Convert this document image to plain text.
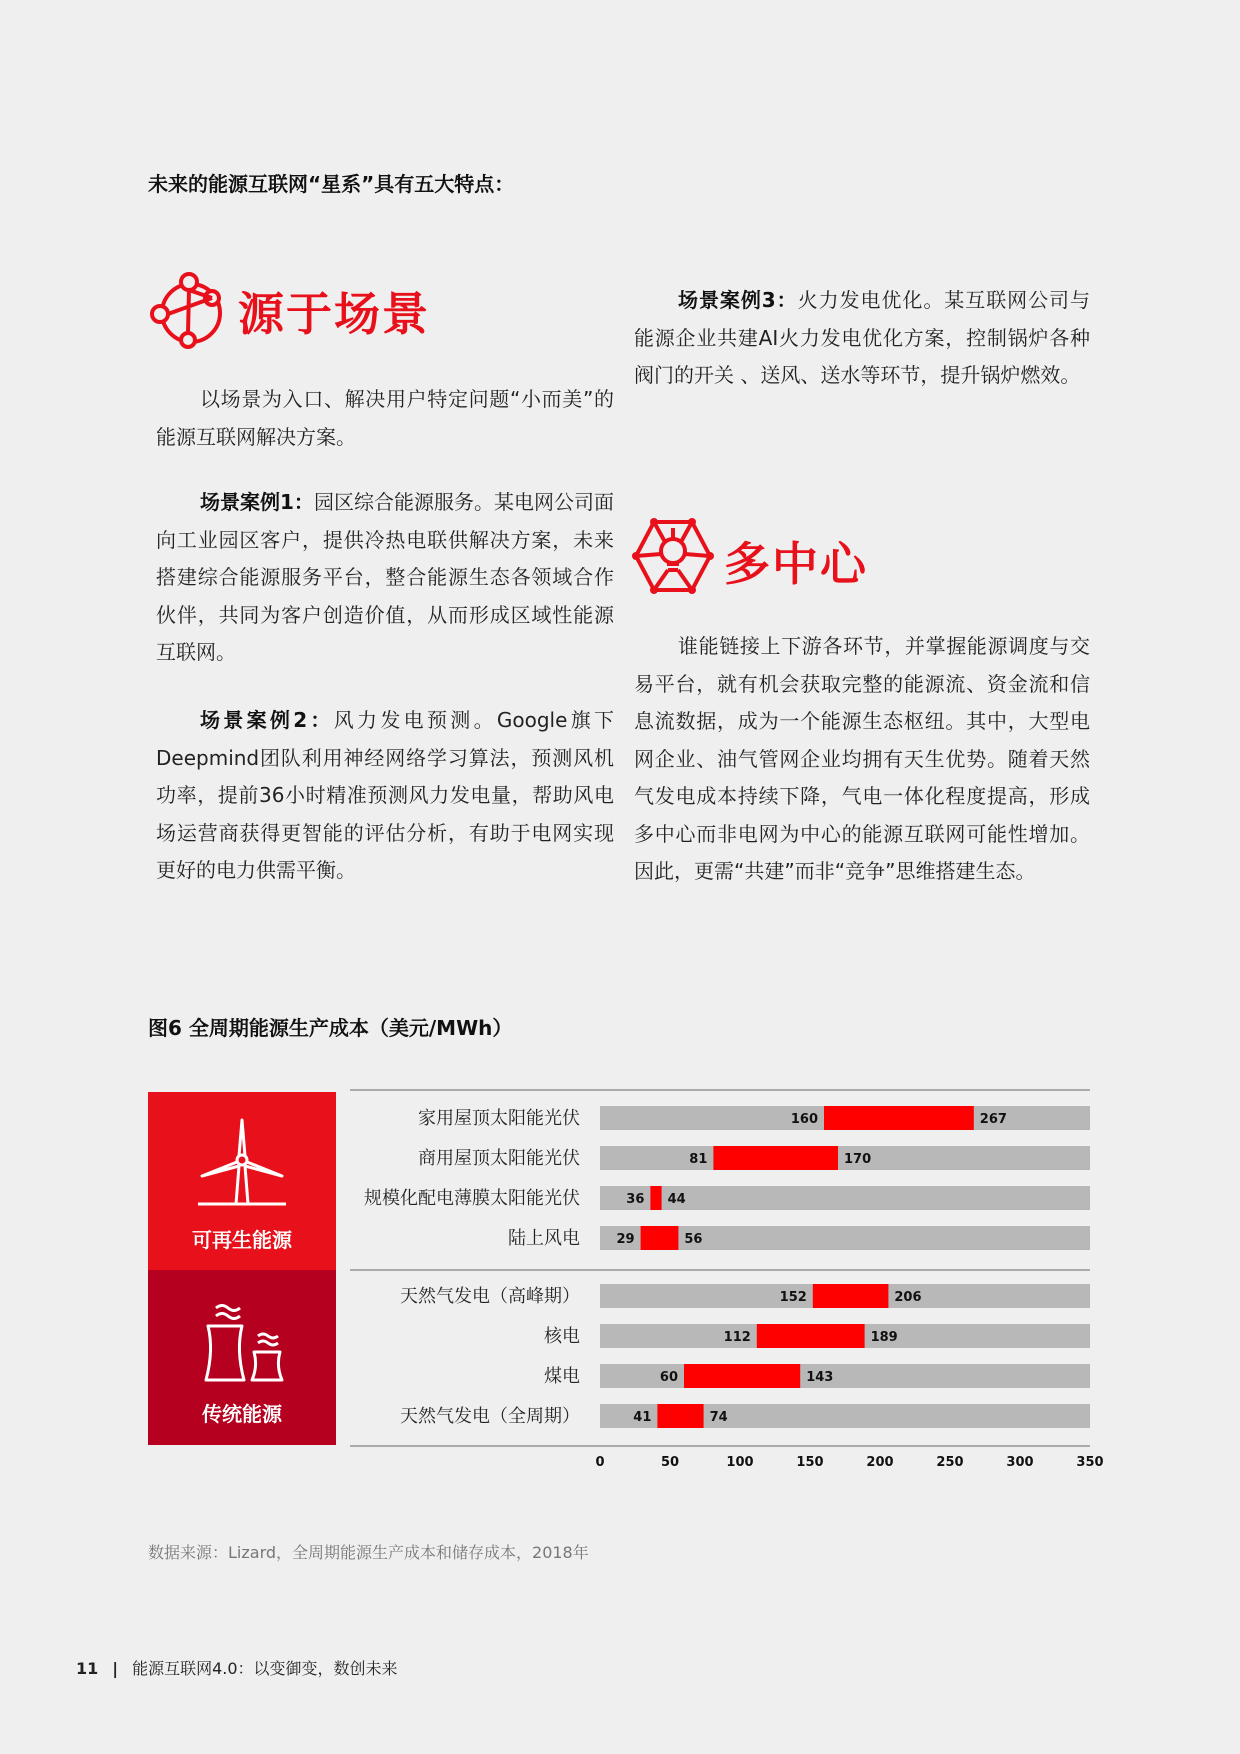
未来的能源互联网“星系”具有五大特点：
源于场景
以场景为入口、解决用户特定问题“小而美”的能源互联网解决方案。
场景案例1：园区综合能源服务。某电网公司面向工业园区客户，提供冷热电联供解决方案，未来搭建综合能源服务平台，整合能源生态各领域合作伙伴，共同为客户创造价值，从而形成区域性能源互联网。
场景案例2：风力发电预测。Google旗下Deepmind团队利用神经网络学习算法，预测风机功率，提前36小时精准预测风力发电量，帮助风电场运营商获得更智能的评估分析，有助于电网实现更好的电力供需平衡。
场景案例3：火力发电优化。某互联网公司与能源企业共建AI火力发电优化方案，控制锅炉各种阀门的开关 、送风、送水等环节，提升锅炉燃效。
多中心
谁能链接上下游各环节，并掌握能源调度与交易平台，就有机会获取完整的能源流、资金流和信息流数据，成为一个能源生态枢纽。其中，大型电网企业、油气管网企业均拥有天生优势。随着天然气发电成本持续下降，气电一体化程度提高，形成多中心而非电网为中心的能源互联网可能性增加。因此，更需“共建”而非“竞争”思维搭建生态。
图6 全周期能源生产成本（美元/MWh）
可再生能源
传统能源
家用屋顶太阳能光伏	160	267
商用屋顶太阳能光伏	81	170
规模化配电薄膜太阳能光伏	36 44
陆上风电	29	56
天然气发电（高峰期）	152	206
核电	112	189
煤电	60	143
天然气发电（全周期）	41	74
0	50	100	150	200	250	300	350
数据来源：Lizard，全周期能源生产成本和储存成本，2018年
11 | 能源互联网4.0：以变御变，数创未来
